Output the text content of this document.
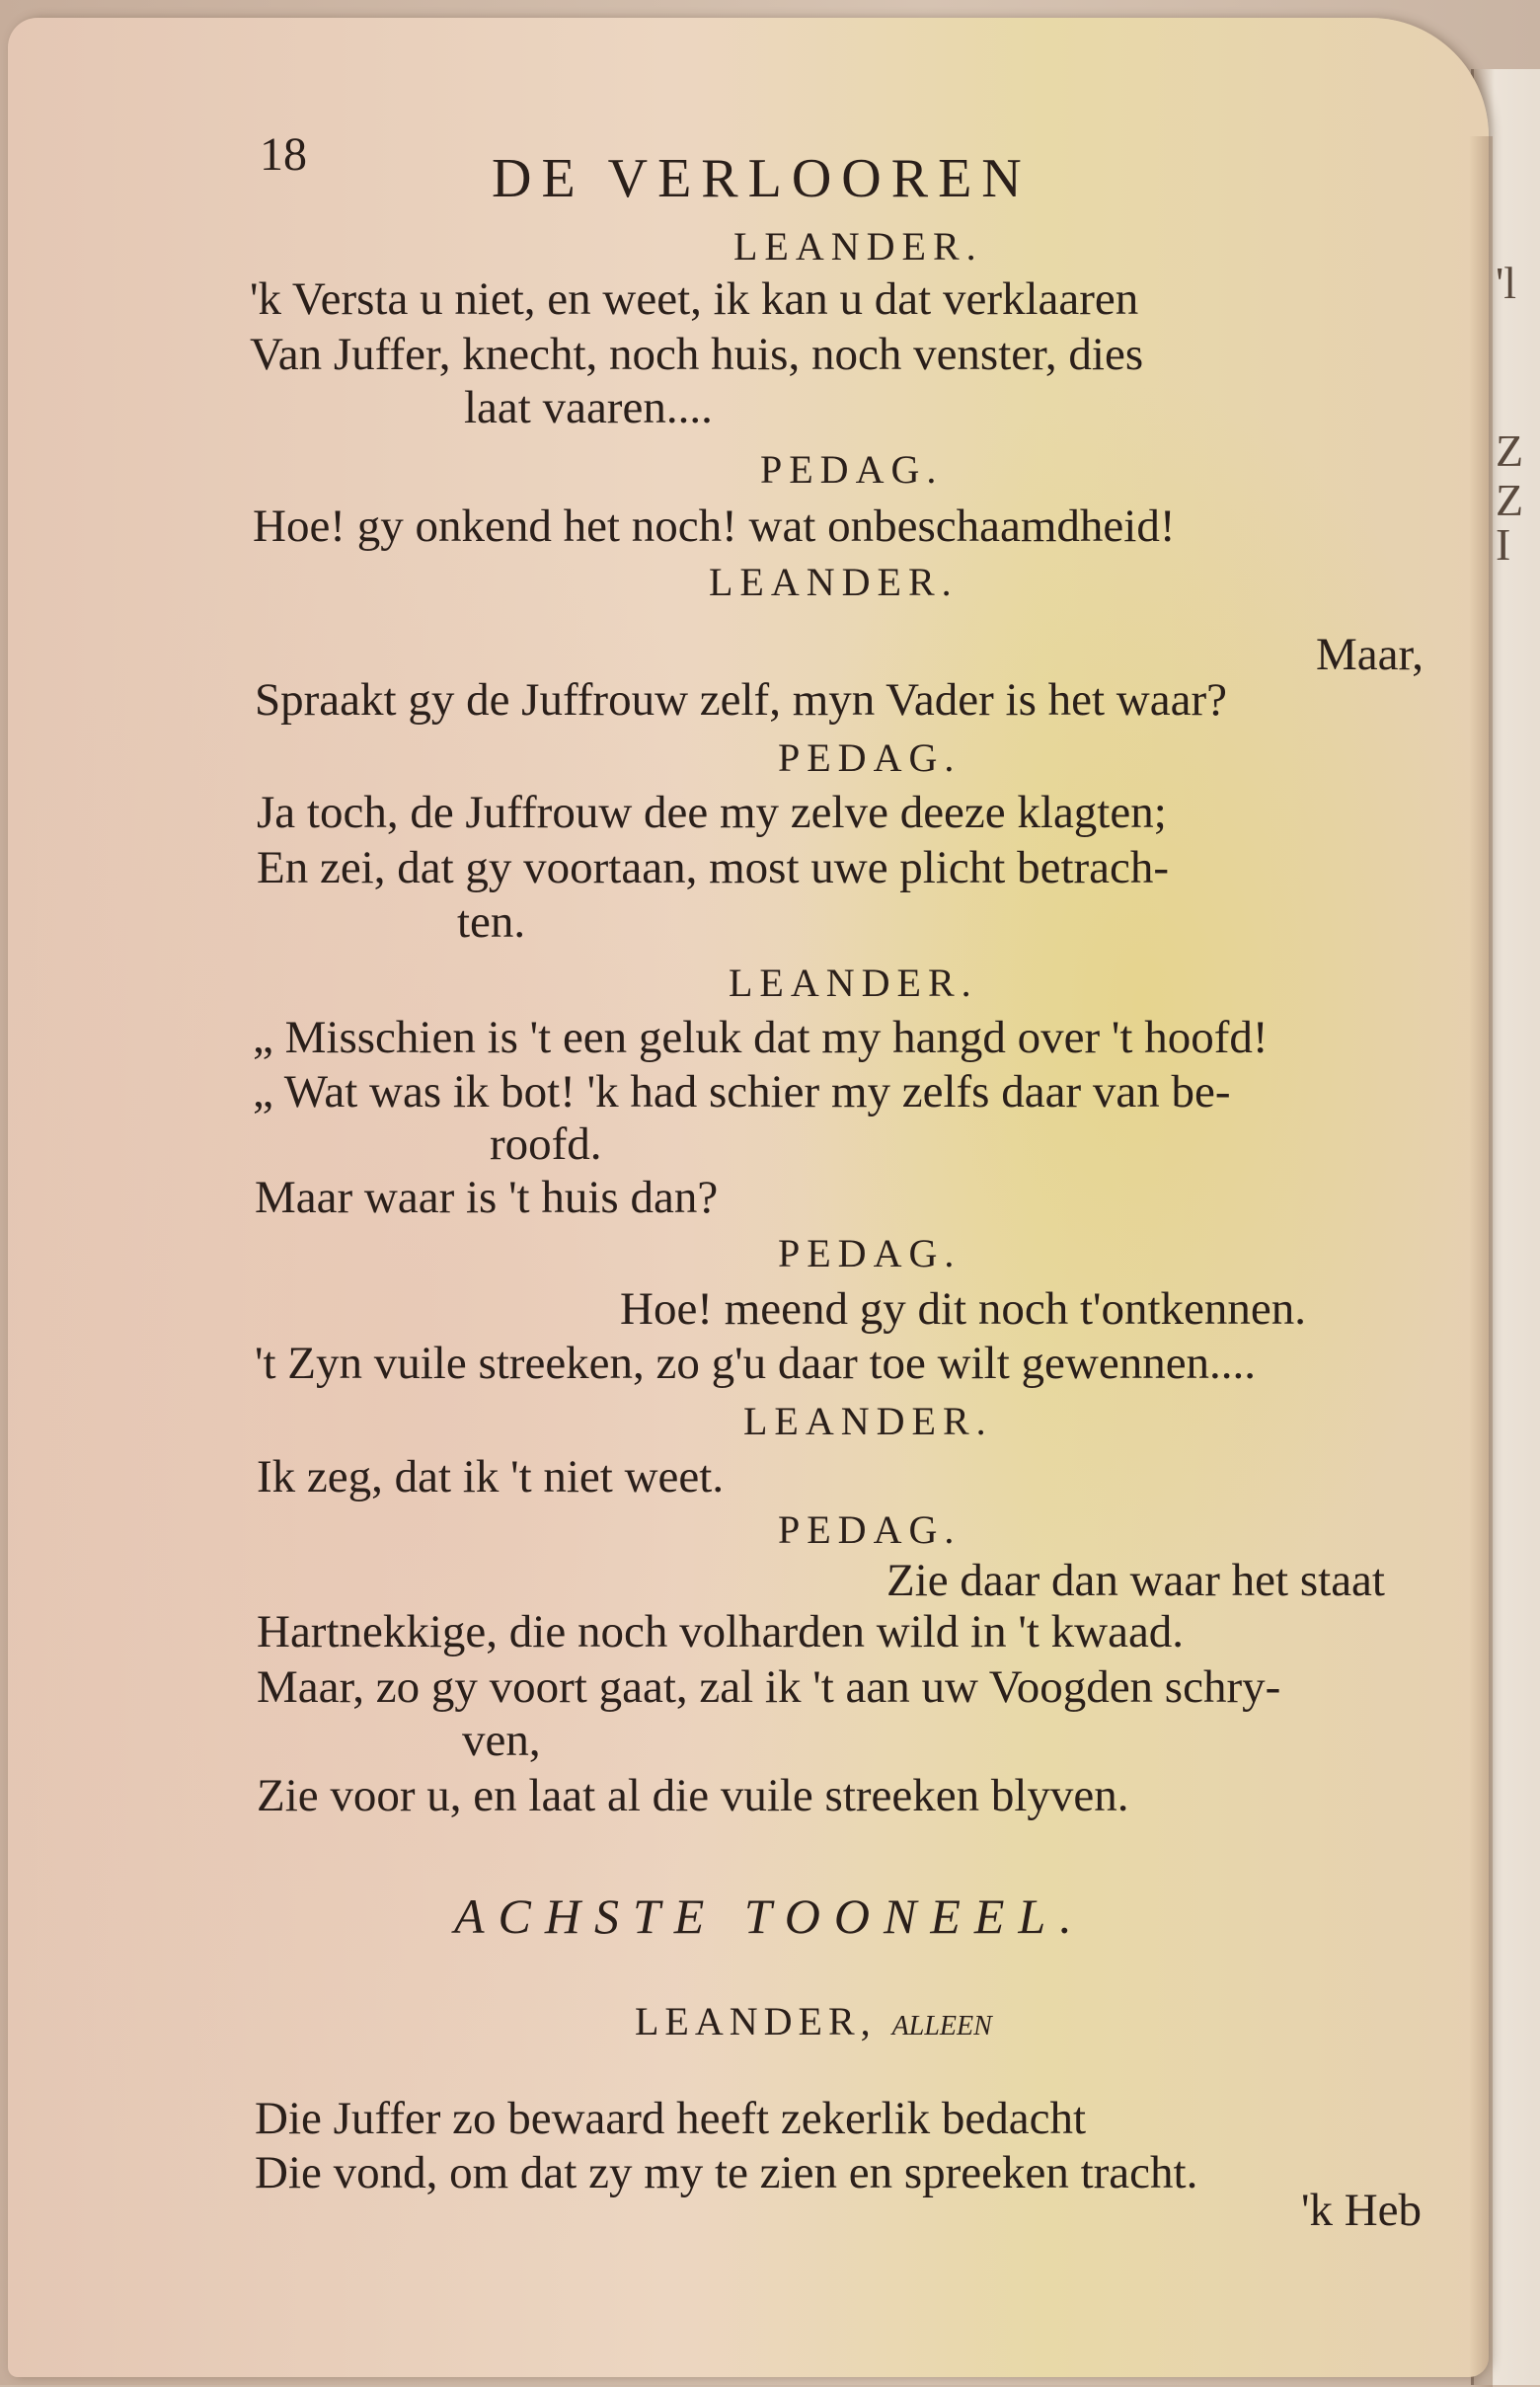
'l
Z
Z
I
18	DE VERLOOREN
LEANDER.
'k Versta u niet, en weet, ik kan u dat verklaaren
Van Juffer, knecht, noch huis, noch venster, dies
laat vaaren....
PEDAG.
Hoe! gy onkend het noch! wat onbeschaamdheid!
LEANDER.
Maar,
Spraakt gy de Juffrouw zelf, myn Vader is het waar?
PEDAG.
Ja toch, de Juffrouw dee my zelve deeze klagten;
En zei, dat gy voortaan, most uwe plicht betrach-
ten.
LEANDER.
„ Misschien is 't een geluk dat my hangd over 't hoofd!
„ Wat was ik bot! 'k had schier my zelfs daar van be-
roofd.
Maar waar is 't huis dan?
PEDAG.
Hoe! meend gy dit noch t'ontkennen.
't Zyn vuile streeken, zo g'u daar toe wilt gewennen....
LEANDER.
Ik zeg, dat ik 't niet weet.
PEDAG.
Zie daar dan waar het staat
Hartnekkige, die noch volharden wild in 't kwaad.
Maar, zo gy voort gaat, zal ik 't aan uw Voogden schry-
ven,
Zie voor u, en laat al die vuile streeken blyven.
ACHSTE TOONEEL.
LEANDER, alleen
Die Juffer zo bewaard heeft zekerlik bedacht
Die vond, om dat zy my te zien en spreeken tracht.
'k Heb
